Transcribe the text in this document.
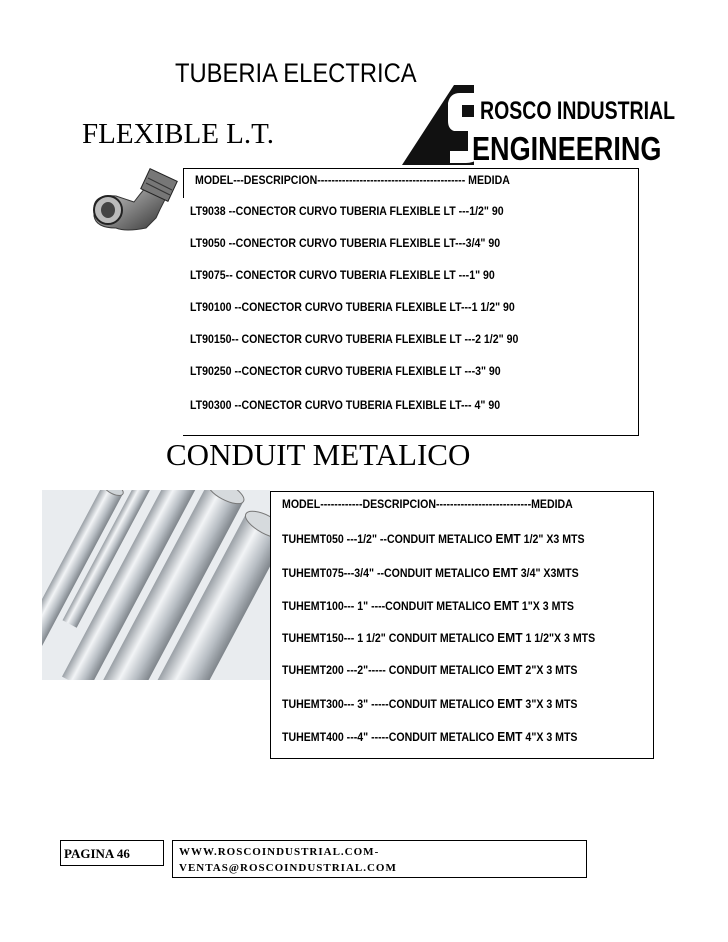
TUBERIA ELECTRICA
FLEXIBLE L.T.
ROSCO INDUSTRIAL
ENGINEERING
MODEL---DESCRIPCION------------------------------------------ MEDIDA
LT9038 --CONECTOR CURVO TUBERIA FLEXIBLE LT ---1/2" 90
LT9050 --CONECTOR CURVO TUBERIA FLEXIBLE LT---3/4" 90
LT9075-- CONECTOR CURVO TUBERIA FLEXIBLE LT ---1" 90
LT90100 --CONECTOR CURVO TUBERIA FLEXIBLE LT---1 1/2" 90
LT90150-- CONECTOR CURVO TUBERIA FLEXIBLE LT ---2 1/2" 90
LT90250 --CONECTOR CURVO TUBERIA FLEXIBLE LT ---3" 90
LT90300 --CONECTOR CURVO TUBERIA FLEXIBLE LT--- 4" 90
CONDUIT METALICO
MODEL------------DESCRIPCION---------------------------MEDIDA
TUHEMT050 ---1/2" --CONDUIT METALICO EMT 1/2" X3 MTS
TUHEMT075---3/4" --CONDUIT METALICO EMT 3/4" X3MTS
TUHEMT100--- 1" ----CONDUIT METALICO EMT 1"X 3 MTS
TUHEMT150--- 1 1/2" CONDUIT METALICO EMT 1 1/2"X 3 MTS
TUHEMT200 ---2"----- CONDUIT METALICO EMT 2"X 3 MTS
TUHEMT300--- 3" -----CONDUIT METALICO EMT 3"X 3 MTS
TUHEMT400 ---4" -----CONDUIT METALICO EMT 4"X 3 MTS
PAGINA 46	WWW.ROSCOINDUSTRIAL.COM-
VENTAS@ROSCOINDUSTRIAL.COM
